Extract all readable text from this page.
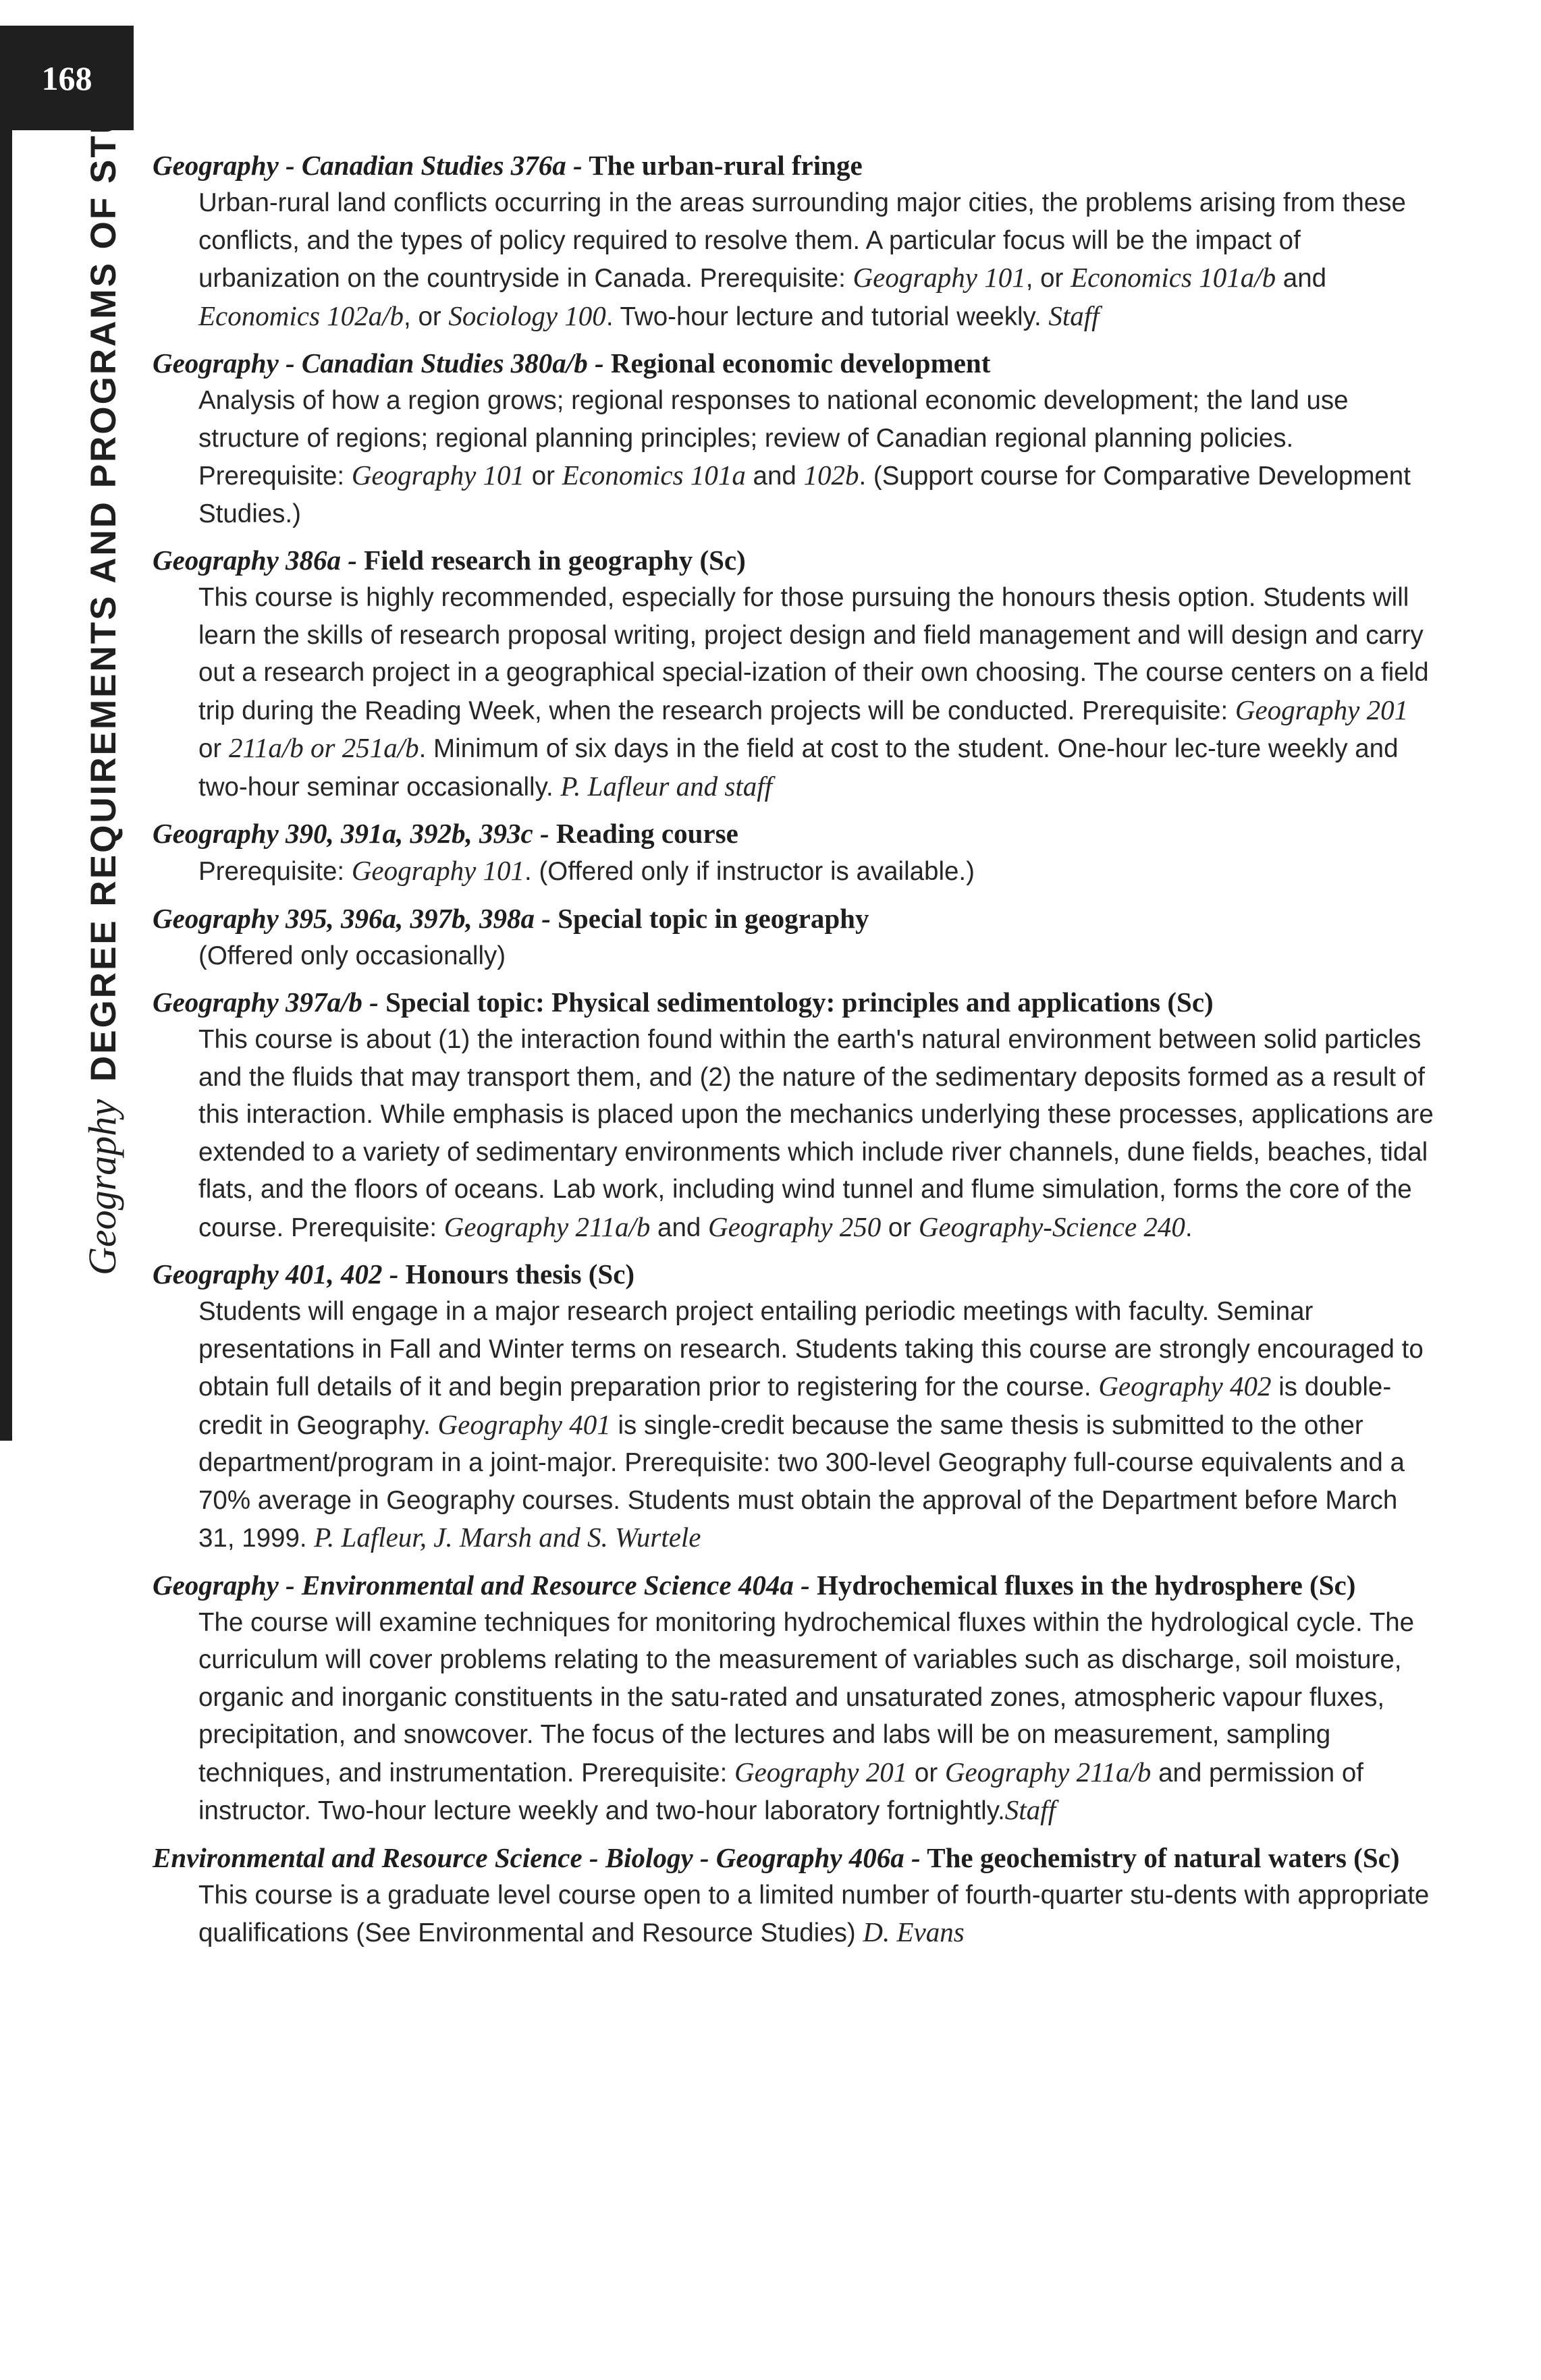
168
GeographyDEGREE REQUIREMENTS AND PROGRAMS OF STUDY Geography - Canadian Studies 376a - The urban-rural fringe
Urban-rural land conflicts occurring in the areas surrounding major cities, the problems arising from these conflicts, and the types of policy required to resolve them. A particular focus will be the impact of urbanization on the countryside in Canada. Prerequisite: Geography 101, or Economics 101a/b and Economics 102a/b, or Sociology 100. Two-hour lecture and tutorial weekly. Staff
Geography - Canadian Studies 380a/b - Regional economic development
Analysis of how a region grows; regional responses to national economic development; the land use structure of regions; regional planning principles; review of Canadian regional planning policies. Prerequisite: Geography 101 or Economics 101a and 102b. (Support course for Comparative Development Studies.)
Geography 386a - Field research in geography (Sc)
This course is highly recommended, especially for those pursuing the honours thesis option. Students will learn the skills of research proposal writing, project design and field management and will design and carry out a research project in a geographical special-ization of their own choosing. The course centers on a field trip during the Reading Week, when the research projects will be conducted. Prerequisite: Geography 201 or 211a/b or 251a/b. Minimum of six days in the field at cost to the student. One-hour lec-ture weekly and two-hour seminar occasionally. P. Lafleur and staff
Geography 390, 391a, 392b, 393c - Reading course
Prerequisite: Geography 101. (Offered only if instructor is available.)
Geography 395, 396a, 397b, 398a - Special topic in geography
(Offered only occasionally)
Geography 397a/b - Special topic: Physical sedimentology: principles and applications (Sc)
This course is about (1) the interaction found within the earth's natural environment between solid particles and the fluids that may transport them, and (2) the nature of the sedimentary deposits formed as a result of this interaction. While emphasis is placed upon the mechanics underlying these processes, applications are extended to a variety of sedimentary environments which include river channels, dune fields, beaches, tidal flats, and the floors of oceans. Lab work, including wind tunnel and flume simulation, forms the core of the course. Prerequisite: Geography 211a/b and Geography 250 or Geography-Science 240.
Geography 401, 402 - Honours thesis (Sc)
Students will engage in a major research project entailing periodic meetings with faculty. Seminar presentations in Fall and Winter terms on research. Students taking this course are strongly encouraged to obtain full details of it and begin preparation prior to registering for the course. Geography 402 is double-credit in Geography. Geography 401 is single-credit because the same thesis is submitted to the other department/program in a joint-major. Prerequisite: two 300-level Geography full-course equivalents and a 70% average in Geography courses. Students must obtain the approval of the Department before March 31, 1999. P. Lafleur, J. Marsh and S. Wurtele
Geography - Environmental and Resource Science 404a - Hydrochemical fluxes in the hydrosphere (Sc)
The course will examine techniques for monitoring hydrochemical fluxes within the hydrological cycle. The curriculum will cover problems relating to the measurement of variables such as discharge, soil moisture, organic and inorganic constituents in the satu-rated and unsaturated zones, atmospheric vapour fluxes, precipitation, and snowcover. The focus of the lectures and labs will be on measurement, sampling techniques, and instrumentation. Prerequisite: Geography 201 or Geography 211a/b and permission of instructor. Two-hour lecture weekly and two-hour laboratory fortnightly.Staff
Environmental and Resource Science - Biology - Geography 406a - The geochemistry of natural waters (Sc)
This course is a graduate level course open to a limited number of fourth-quarter stu-dents with appropriate qualifications (See Environmental and Resource Studies) D. Evans
